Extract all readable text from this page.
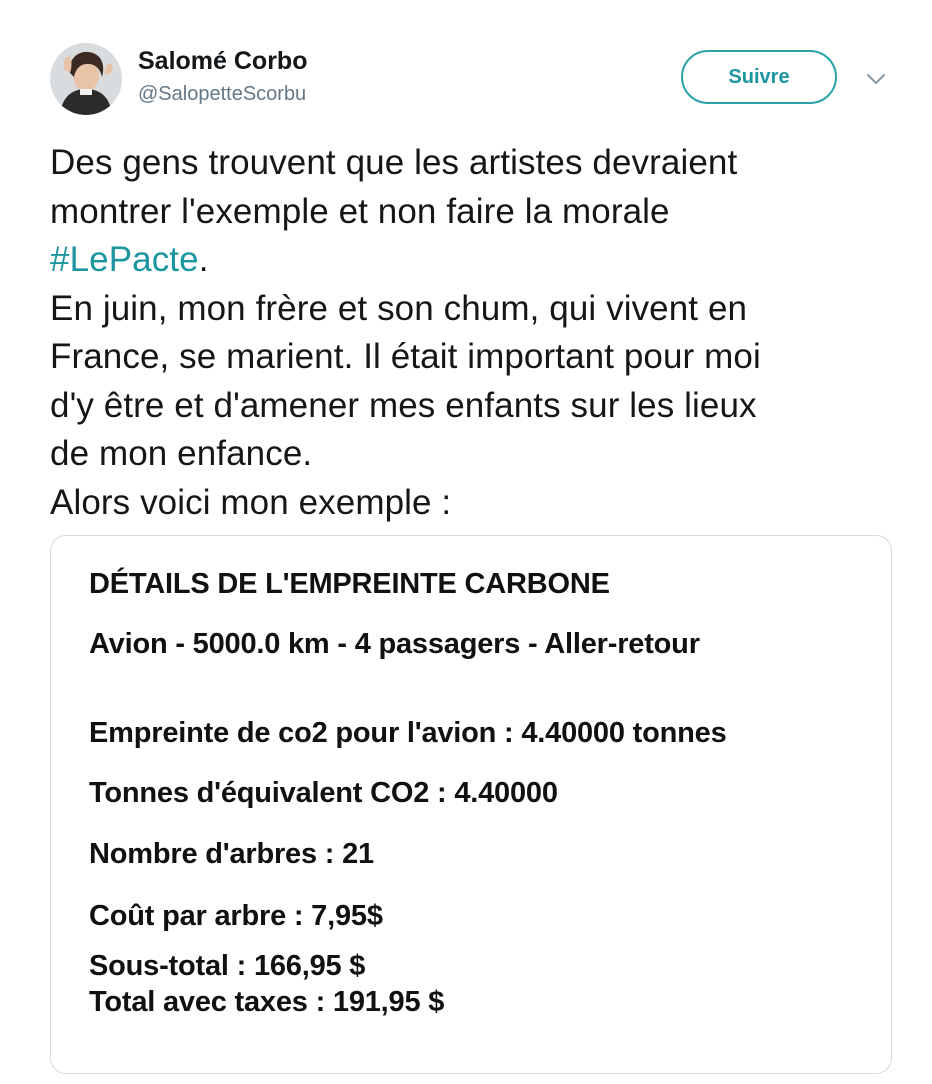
Salomé Corbo
@SalopetteScorbu
Suivre
Des gens trouvent que les artistes devraient
montrer l'exemple et non faire la morale
#LePacte.
En juin, mon frère et son chum, qui vivent en
France, se marient. Il était important pour moi
d'y être et d'amener mes enfants sur les lieux
de mon enfance.
Alors voici mon exemple :
DÉTAILS DE L'EMPREINTE CARBONE
Avion - 5000.0 km - 4 passagers - Aller-retour
Empreinte de co2 pour l'avion : 4.40000 tonnes
Tonnes d'équivalent CO2 : 4.40000
Nombre d'arbres : 21
Coût par arbre : 7,95$
Sous-total : 166,95 $
Total avec taxes : 191,95 $
